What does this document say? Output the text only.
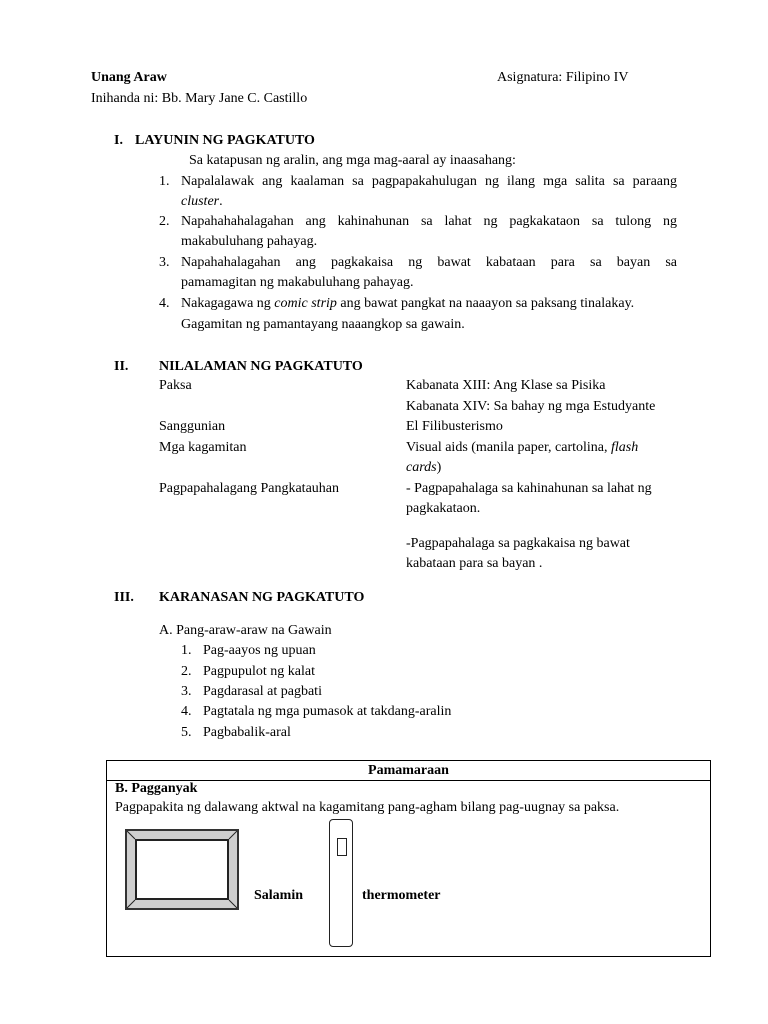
Unang Araw	Asignatura: Filipino IV
Inihanda ni: Bb. Mary Jane C. Castillo
I. LAYUNIN NG PAGKATUTO
Sa katapusan ng aralin, ang mga mag-aaral ay inaasahang:
1. Napalalawak ang kaalaman sa pagpapakahulugan ng ilang mga salita sa paraang
cluster.
2. Napahahahalagahan ang kahinahunan sa lahat ng pagkakataon sa tulong ng
makabuluhang pahayag.
3. Napahahalagahan ang pagkakaisa ng bawat kabataan para sa bayan sa
pamamagitan ng makabuluhang pahayag.
4. Nakagagawa ng comic strip ang bawat pangkat na naaayon sa paksang tinalakay.
Gagamitan ng pamantayang naaangkop sa gawain.
II. NILALAMAN NG PAGKATUTO
Paksa	Kabanata XIII: Ang Klase sa Pisika
Kabanata XIV: Sa bahay ng mga Estudyante
Sanggunian	El Filibusterismo
Mga kagamitan	Visual aids (manila paper, cartolina, flash
cards)
Pagpapahalagang Pangkatauhan	- Pagpapahalaga sa kahinahunan sa lahat ng
pagkakataon.
-Pagpapahalaga sa pagkakaisa ng bawat
kabataan para sa bayan .
III. KARANASAN NG PAGKATUTO
A. Pang-araw-araw na Gawain
1. Pag-aayos ng upuan
2. Pagpupulot ng kalat
3. Pagdarasal at pagbati
4. Pagtatala ng mga pumasok at takdang-aralin
5. Pagbabalik-aral
Pamamaraan
B. Pagganyak
Pagpapakita ng dalawang aktwal na kagamitang pang-agham bilang pag-uugnay sa paksa.
Salamin	thermometer
